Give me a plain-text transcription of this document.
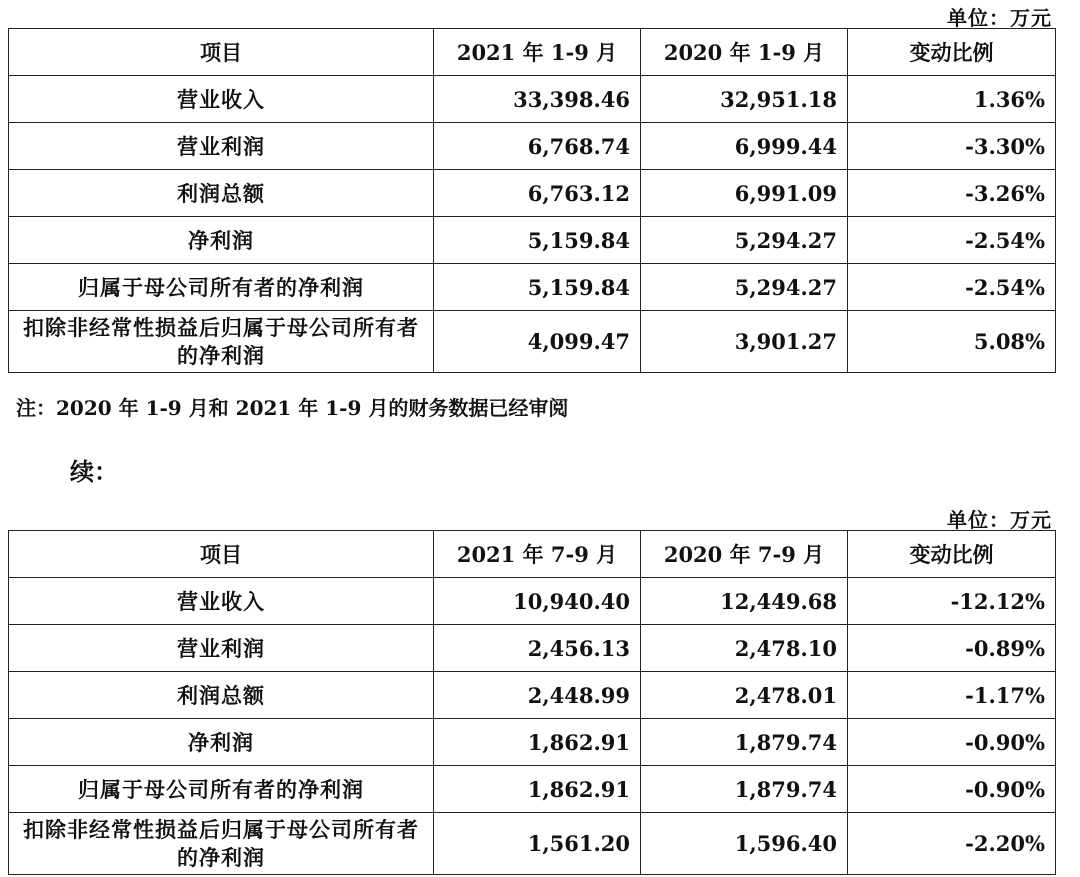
单位：万元
项目	2021 年 1-9 月	2020 年 1-9 月	变动比例
营业收入	33,398.46	32,951.18	1.36%
营业利润	6,768.74	6,999.44	-3.30%
利润总额	6,763.12	6,991.09	-3.26%
净利润	5,159.84	5,294.27	-2.54%
归属于母公司所有者的净利润	5,159.84	5,294.27	-2.54%
扣除非经常性损益后归属于母公司所有者的净利润	4,099.47	3,901.27	5.08%
注：2020 年 1-9 月和 2021 年 1-9 月的财务数据已经审阅
续：
单位：万元
项目	2021 年 7-9 月	2020 年 7-9 月	变动比例
营业收入	10,940.40	12,449.68	-12.12%
营业利润	2,456.13	2,478.10	-0.89%
利润总额	2,448.99	2,478.01	-1.17%
净利润	1,862.91	1,879.74	-0.90%
归属于母公司所有者的净利润	1,862.91	1,879.74	-0.90%
扣除非经常性损益后归属于母公司所有者的净利润	1,561.20	1,596.40	-2.20%
